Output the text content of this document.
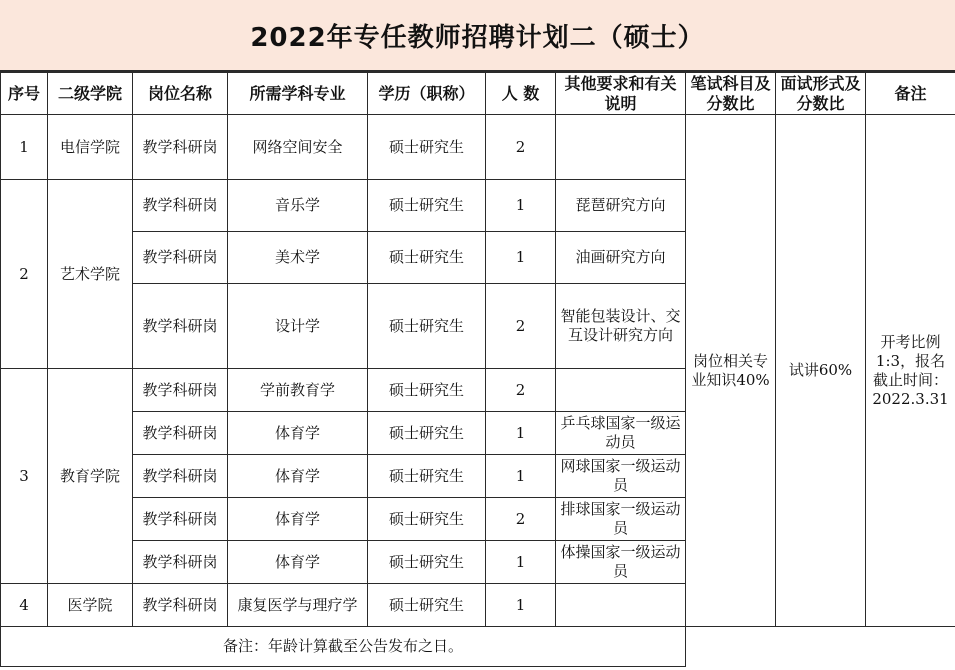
2022年专任教师招聘计划二（硕士）
序号	二级学院	岗位名称	所需学科专业	学历（职称）	人 数	其他要求和有关说明	笔试科目及分数比	面试形式及分数比	备注
1	电信学院	教学科研岗	网络空间安全	硕士研究生	2		岗位相关专业知识40%	试讲60%	开考比例1:3，报名截止时间：2022.3.31
2	艺术学院	教学科研岗	音乐学	硕士研究生	1	琵琶研究方向			
		教学科研岗	美术学	硕士研究生	1	油画研究方向			
		教学科研岗	设计学	硕士研究生	2	智能包装设计、交互设计研究方向			
3	教育学院	教学科研岗	学前教育学	硕士研究生	2				
		教学科研岗	体育学	硕士研究生	1	乒乓球国家一级运动员			
		教学科研岗	体育学	硕士研究生	1	网球国家一级运动员			
		教学科研岗	体育学	硕士研究生	2	排球国家一级运动员			
		教学科研岗	体育学	硕士研究生	1	体操国家一级运动员			
4	医学院	教学科研岗	康复医学与理疗学	硕士研究生	1				
备注：年龄计算截至公告发布之日。									
